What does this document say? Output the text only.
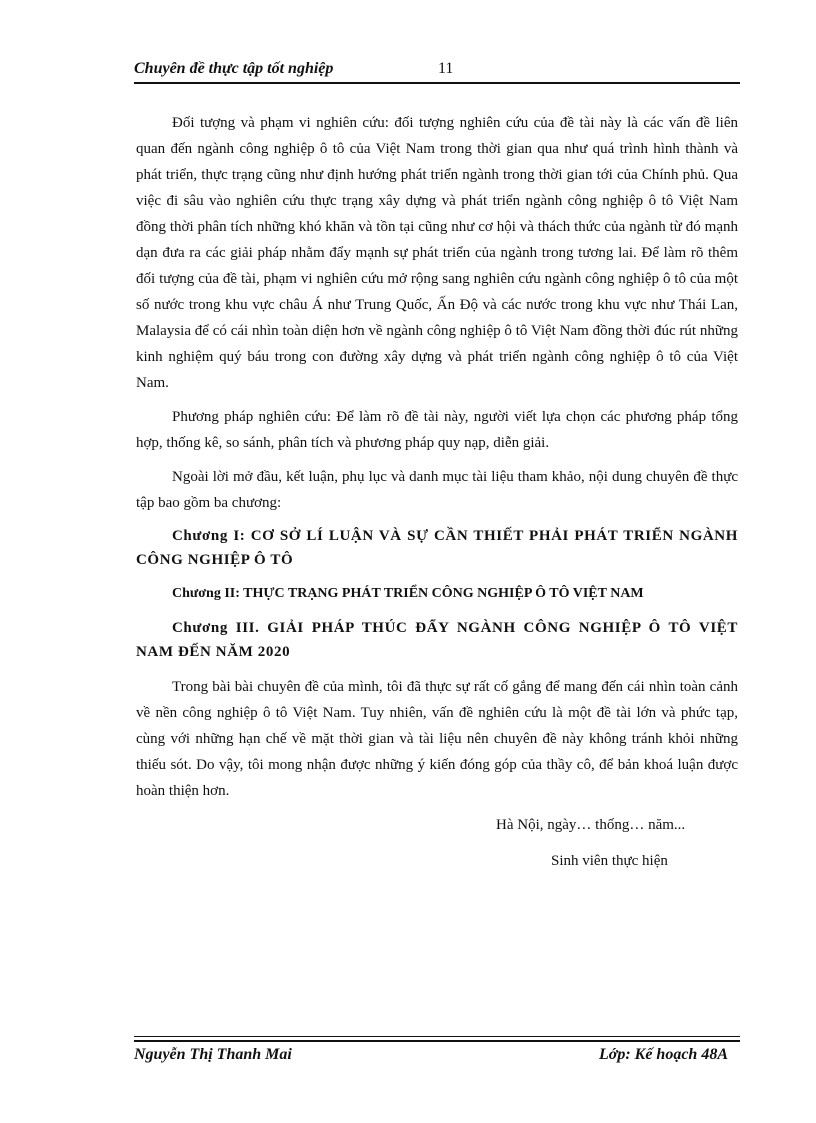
Chuyên đề thực tập tốt nghiệp	11

Đối tượng và phạm vi nghiên cứu: đối tượng nghiên cứu của đề tài này là các vấn đề liên quan đến ngành công nghiệp ô tô của Việt Nam trong thời gian qua như quá trình hình thành và phát triển, thực trạng cũng như định hướng phát triển ngành trong thời gian tới của Chính phủ. Qua việc đi sâu vào nghiên cứu thực trạng xây dựng và phát triển ngành công nghiệp ô tô Việt Nam đồng thời phân tích những khó khăn và tồn tại cũng như cơ hội và thách thức của ngành từ đó mạnh dạn đưa ra các giải pháp nhằm đẩy mạnh sự phát triển của ngành trong tương lai. Để làm rõ thêm đối tượng của đề tài, phạm vi nghiên cứu mở rộng sang nghiên cứu ngành công nghiệp ô tô của một số nước trong khu vực châu Á như Trung Quốc, Ấn Độ và các nước trong khu vực như Thái Lan, Malaysia để có cái nhìn toàn diện hơn về ngành công nghiệp ô tô Việt Nam đồng thời đúc rút những kinh nghiệm quý báu trong con đường xây dựng và phát triển ngành công nghiệp ô tô của Việt Nam.

Phương pháp nghiên cứu: Để làm rõ đề tài này, người viết lựa chọn các phương pháp tổng hợp, thống kê, so sánh, phân tích và phương pháp quy nạp, diễn giải.

Ngoài lời mở đầu, kết luận, phụ lục và danh mục tài liệu tham khảo, nội dung chuyên đề thực tập bao gồm ba chương:

Chương I: CƠ SỞ LÍ LUẬN VÀ SỰ CẦN THIẾT PHẢI PHÁT TRIỂN NGÀNH CÔNG NGHIỆP Ô TÔ

Chương II: THỰC TRẠNG PHÁT TRIỂN CÔNG NGHIỆP Ô TÔ VIỆT NAM

Chương III. GIẢI PHÁP THÚC ĐẨY NGÀNH CÔNG NGHIỆP Ô TÔ VIỆT NAM ĐẾN NĂM 2020

Trong bài bài chuyên đề của mình, tôi đã thực sự rất cố gắng để mang đến cái nhìn toàn cảnh về nền công nghiệp ô tô Việt Nam. Tuy nhiên, vấn đề nghiên cứu là một đề tài lớn và phức tạp, cùng với những hạn chế về mặt thời gian và tài liệu nên chuyên đề này không tránh khỏi những thiếu sót. Do vậy, tôi mong nhận được những ý kiến đóng góp của thầy cô, để bản khoá luận được hoàn thiện hơn.

Hà Nội, ngày… thống… năm...

Sinh viên thực hiện

Nguyễn Thị Thanh Mai	Lớp: Kế hoạch 48A
